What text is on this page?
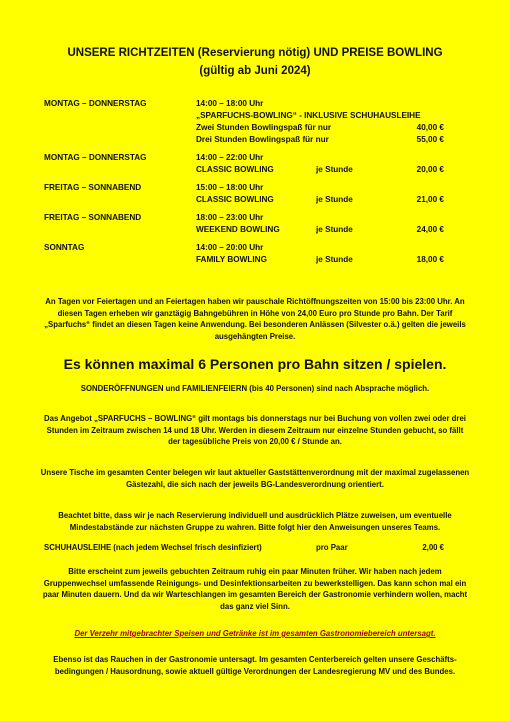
UNSERE RICHTZEITEN (Reservierung nötig) UND PREISE BOWLING
(gültig ab Juni 2024)
MONTAG – DONNERSTAG	14:00 – 18:00 Uhr
„SPARFUCHS-BOWLING“ - INKLUSIVE SCHUHAUSLEIHE
Zwei Stunden Bowlingspaß für nur	40,00 €
Drei Stunden Bowlingspaß für nur	55,00 €
MONTAG – DONNERSTAG	14:00 – 22:00 Uhr
CLASSIC BOWLING	je Stunde	20,00 €
FREITAG – SONNABEND	15:00 – 18:00 Uhr
CLASSIC BOWLING	je Stunde	21,00 €
FREITAG – SONNABEND	18:00 – 23:00 Uhr
WEEKEND BOWLING	je Stunde	24,00 €
SONNTAG	14:00 – 20:00 Uhr
FAMILY BOWLING	je Stunde	18,00 €
An Tagen vor Feiertagen und an Feiertagen haben wir pauschale Richtöffnungszeiten von 15:00 bis 23:00 Uhr. An diesen Tagen erheben wir ganztägig Bahngebühren in Höhe von 24,00 Euro pro Stunde pro Bahn. Der Tarif „Sparfuchs“ findet an diesen Tagen keine Anwendung. Bei besonderen Anlässen (Silvester o.ä.) gelten die jeweils ausgehängten Preise.
Es können maximal 6 Personen pro Bahn sitzen / spielen.
SONDERÖFFNUNGEN und FAMILIENFEIERN (bis 40 Personen) sind nach Absprache möglich.
Das Angebot „SPARFUCHS – BOWLING“ gilt montags bis donnerstags nur bei Buchung von vollen zwei oder drei Stunden im Zeitraum zwischen 14 und 18 Uhr. Werden in diesem Zeitraum nur einzelne Stunden gebucht, so fällt der tagesübliche Preis von 20,00 € / Stunde an.
Unsere Tische im gesamten Center belegen wir laut aktueller Gaststättenverordnung mit der maximal zugelassenen Gästezahl, die sich nach der jeweils BG-Landesverordnung orientiert.
Beachtet bitte, dass wir je nach Reservierung individuell und ausdrücklich Plätze zuweisen, um eventuelle Mindestabstände zur nächsten Gruppe zu wahren. Bitte folgt hier den Anweisungen unseres Teams.
SCHUHAUSLEIHE (nach jedem Wechsel frisch desinfiziert)	pro Paar	2,00 €
Bitte erscheint zum jeweils gebuchten Zeitraum ruhig ein paar Minuten früher. Wir haben nach jedem Gruppenwechsel umfassende Reinigungs- und Desinfektionsarbeiten zu bewerkstelligen. Das kann schon mal ein paar Minuten dauern. Und da wir Warteschlangen im gesamten Bereich der Gastronomie verhindern wollen, macht das ganz viel Sinn.
Der Verzehr mitgebrachter Speisen und Getränke ist im gesamten Gastronomiebereich untersagt.
Ebenso ist das Rauchen in der Gastronomie untersagt. Im gesamten Centerbereich gelten unsere Geschäfts-bedingungen / Hausordnung, sowie aktuell gültige Verordnungen der Landesregierung MV und des Bundes.
